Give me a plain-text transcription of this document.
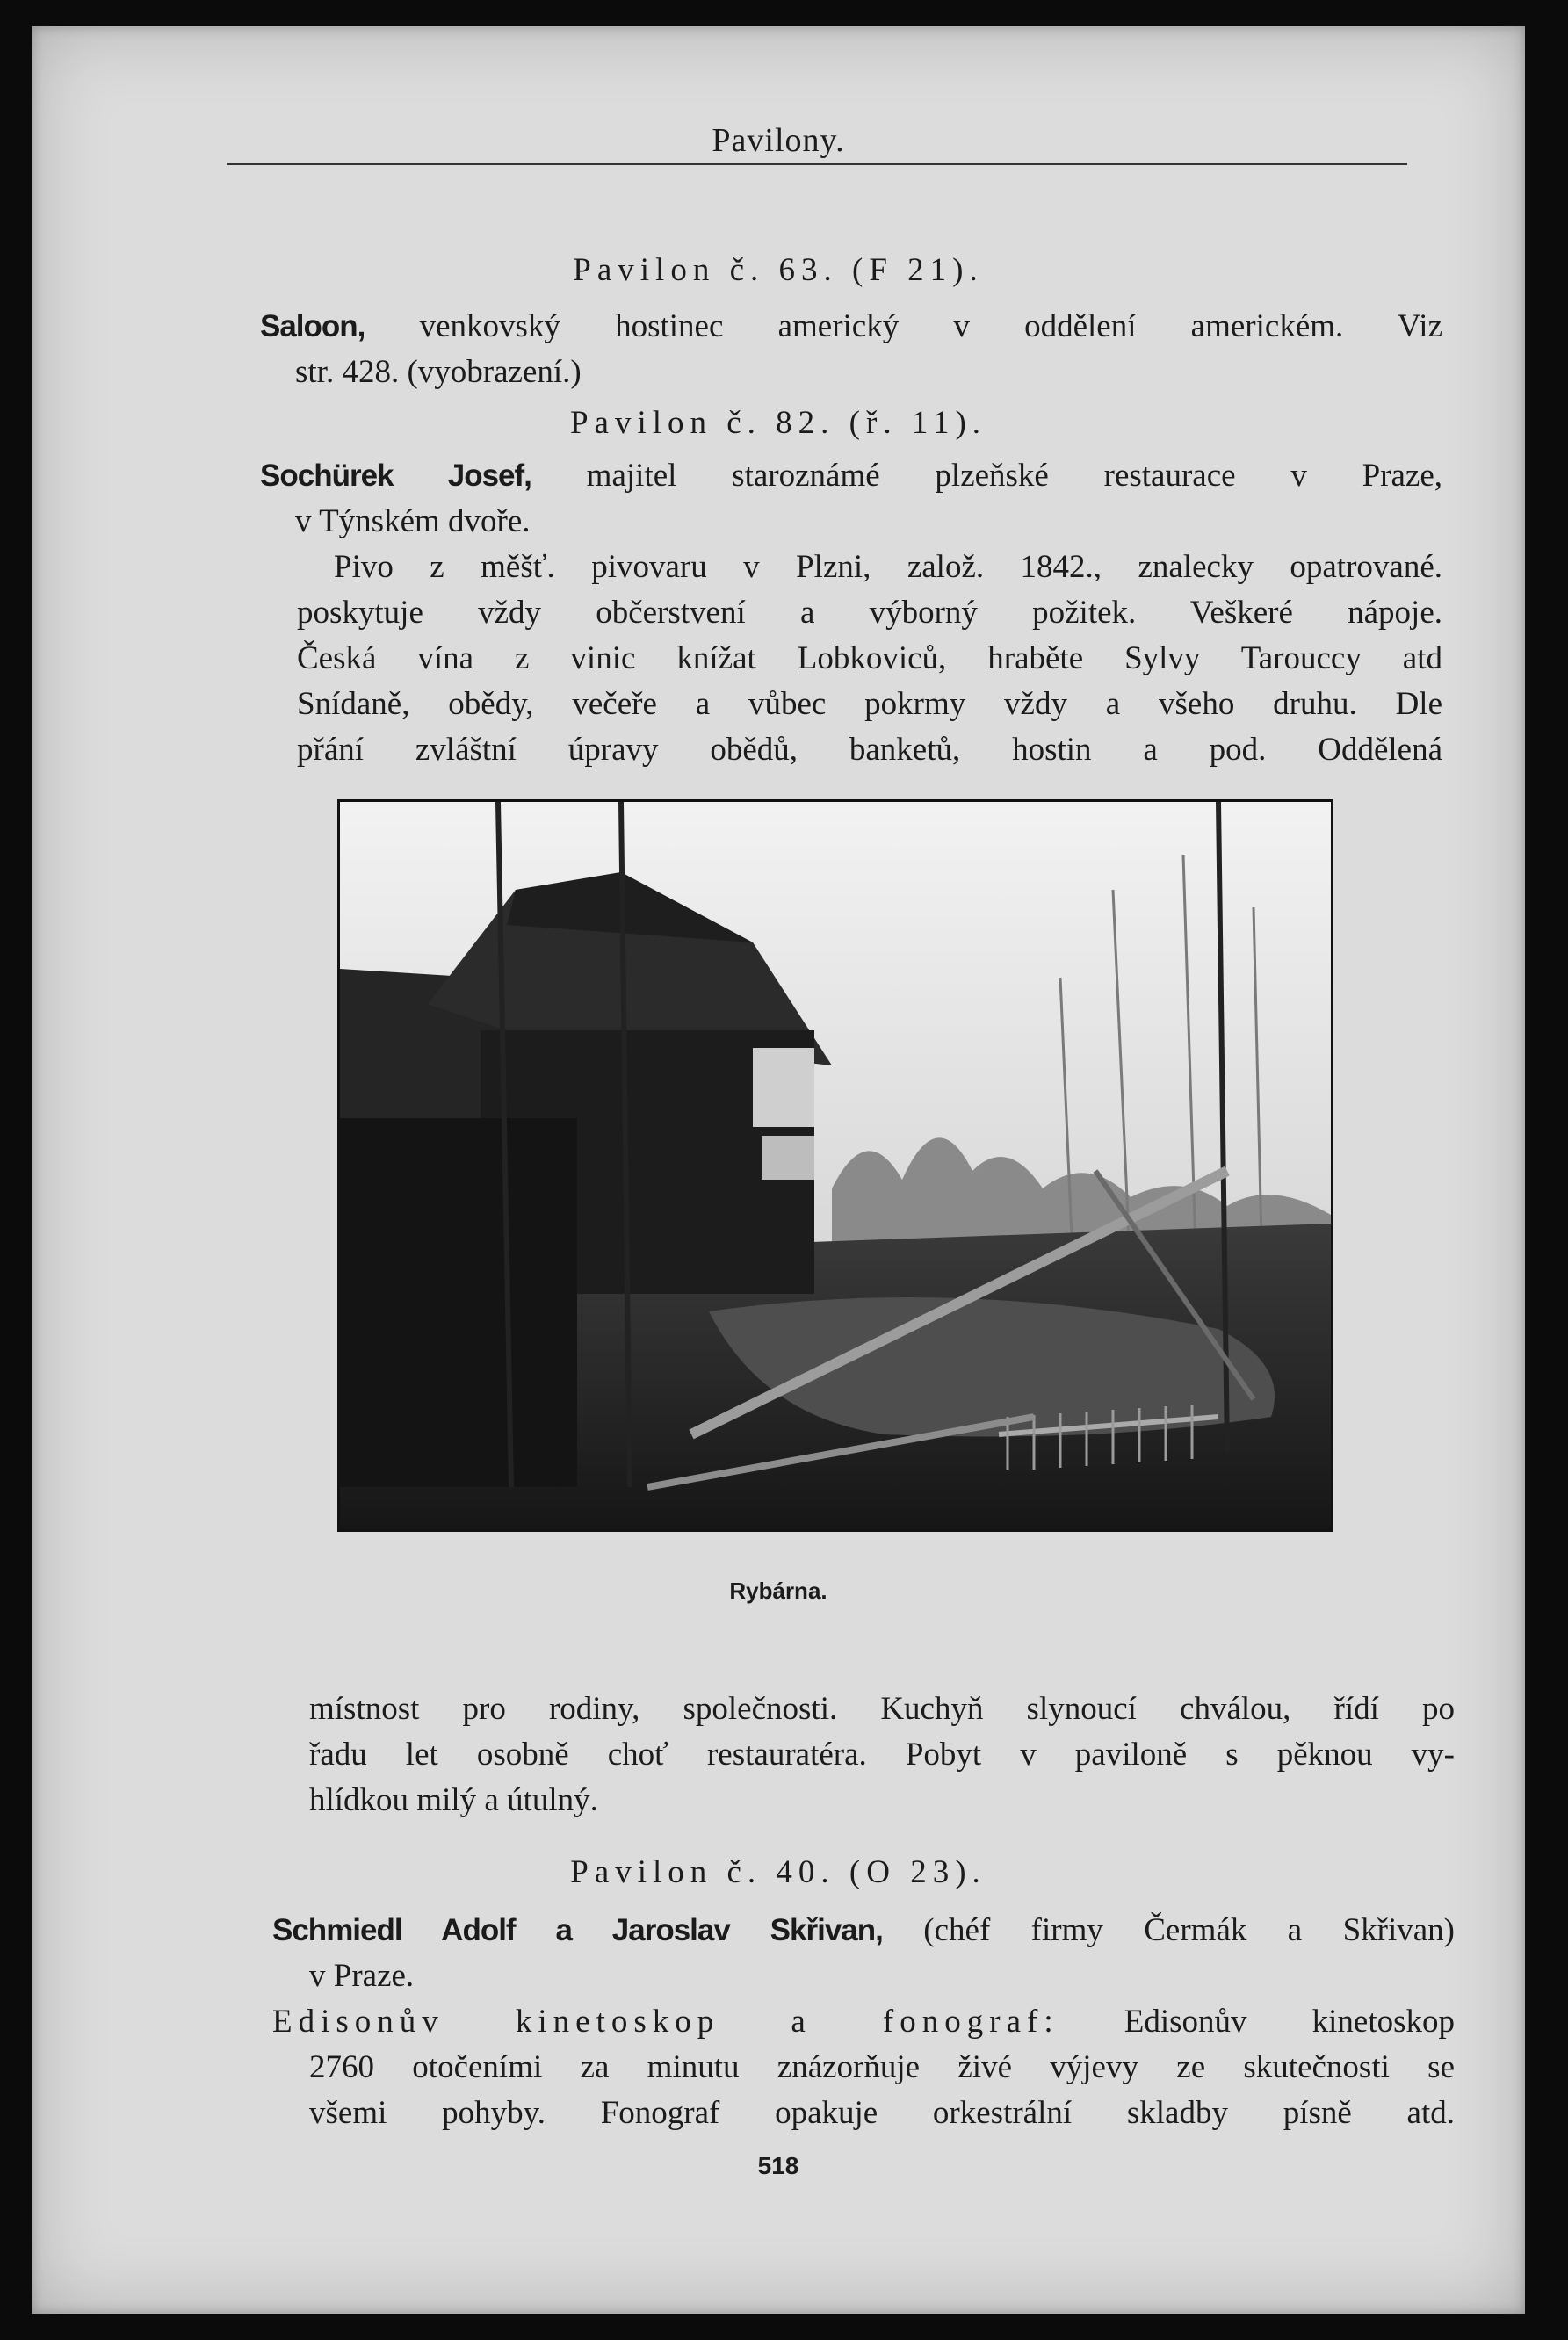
Pavilony.
Pavilon č. 63. (F 21).
Saloon, venkovský hostinec americký v oddělení americkém. Viz
str. 428. (vyobrazení.)
Pavilon č. 82. (ř. 11).
Sochürek Josef, majitel staroznámé plzeňské restaurace v Praze,
v Týnském dvoře.
Pivo z měšť. pivovaru v Plzni, založ. 1842., znalecky opatrované.
poskytuje vždy občerstvení a výborný požitek. Veškeré nápoje.
Česká vína z vinic knížat Lobkoviců, hraběte Sylvy Tarouccy atd
Snídaně, obědy, večeře a vůbec pokrmy vždy a všeho druhu. Dle
přání zvláštní úpravy obědů, banketů, hostin a pod. Oddělená
Rybárna.
místnost pro rodiny, společnosti. Kuchyň slynoucí chválou, řídí po
řadu let osobně choť restauratéra. Pobyt v paviloně s pěknou vy-
hlídkou milý a útulný.
Pavilon č. 40. (O 23).
Schmiedl Adolf a Jaroslav Skřivan, (chéf firmy Čermák a Skřivan)
v Praze.
Edisonův kinetoskop a fonograf: Edisonův kinetoskop
2760 otočeními za minutu znázorňuje živé výjevy ze skutečnosti se
všemi pohyby. Fonograf opakuje orkestrální skladby písně atd.
518
